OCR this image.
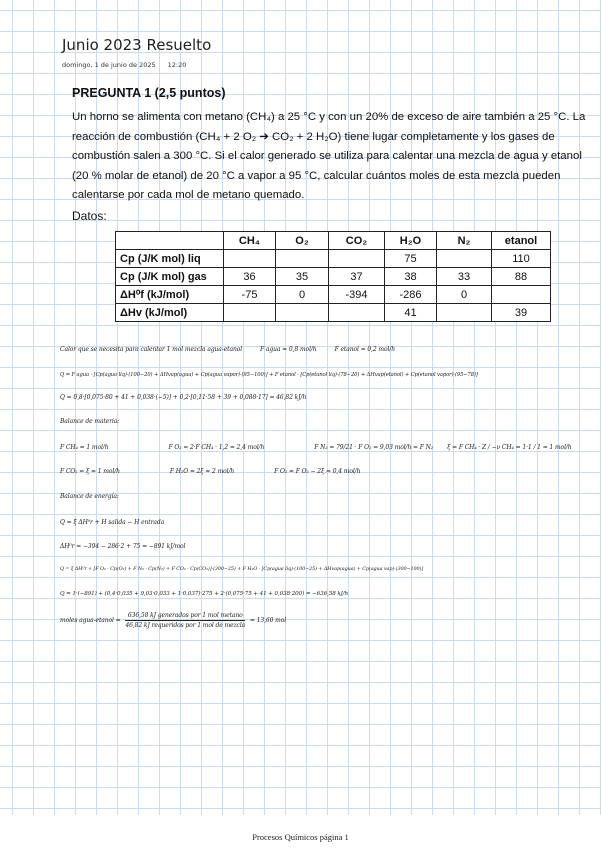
Junio 2023 Resuelto
domingo, 1 de junio de 2025 12:20
PREGUNTA 1 (2,5 puntos)
Un horno se alimenta con metano (CH₄) a 25 °C y con un 20% de exceso de aire también a 25 °C. La reacción de combustión (CH₄ + 2 O₂ ➔ CO₂ + 2 H₂O) tiene lugar completamente y los gases de combustión salen a 300 °C. Si el calor generado se utiliza para calentar una mezcla de agua y etanol (20 % molar de etanol) de 20 °C a vapor a 95 °C, calcular cuántos moles de esta mezcla pueden calentarse por cada mol de metano quemado.
Datos:
	CH₄	O₂	CO₂	H₂O	N₂	etanol
Cp (J/K mol) liq				75		110
Cp (J/K mol) gas	36	35	37	38	33	88
ΔH⁰f (kJ/mol)	-75	0	-394	-286	0	
ΔHv (kJ/mol)				41		39
Calor que se necesita para calentar 1 mol mezcla agua-etanol	F agua = 0,8 mol/h	F etanol = 0,2 mol/h
Q = F agua · [Cp(agua liq)·(100−20) + ΔHvap(agua) + Cp(agua vapor)·(95−100)] + F etanol · [Cp(etanol liq)·(78−20) + ΔHvap(etanol) + Cp(etanol vapor)·(95−78)]
Q = 0,8·[0,075·80 + 41 + 0,038·(−5)] + 0,2·[0,11·58 + 39 + 0,088·17] = 46,82 kJ/h
Balance de materia:
F CH₄ = 1 mol/h	F O₂ = 2·F CH₄ · 1,2 = 2,4 mol/h	F N₂ = 79/21 · F O₂ = 9,03 mol/h = F N₂ ξ = F CH₄ · Z / −ν CH₄ = 1·1 / 1 = 1 mol/h
F CO₂ = ξ = 1 mol/h	F H₂O = 2ξ = 2 mol/h	F O₂ = F O₂ − 2ξ = 0,4 mol/h
Balance de energía:
Q = ξ ΔH⁰r + H salida − H entrada
ΔH⁰r = −394 − 286·2 + 75 = −891 kJ/mol
Q = ξ ΔH⁰r + [F O₂ · Cp(O₂) + F N₂ · Cp(N₂) + F CO₂ · Cp(CO₂)]·(300−25) + F H₂O · [Cp(agua liq)·(100−25) + ΔHvap(agua) + Cp(agua vap)·(300−100)]
Q = 1·(−891) + (0,4·0,035 + 9,03·0,033 + 1·0,037)·275 + 2·(0,075·75 + 41 + 0,038·200) = −636,58 kJ/h
moles agua-etanol =
636,58 kJ generados por 1 mol metano
46,82 kJ requeridos por 1 mol de mezcla
= 13,60 mol
Procesos Químicos página 1
